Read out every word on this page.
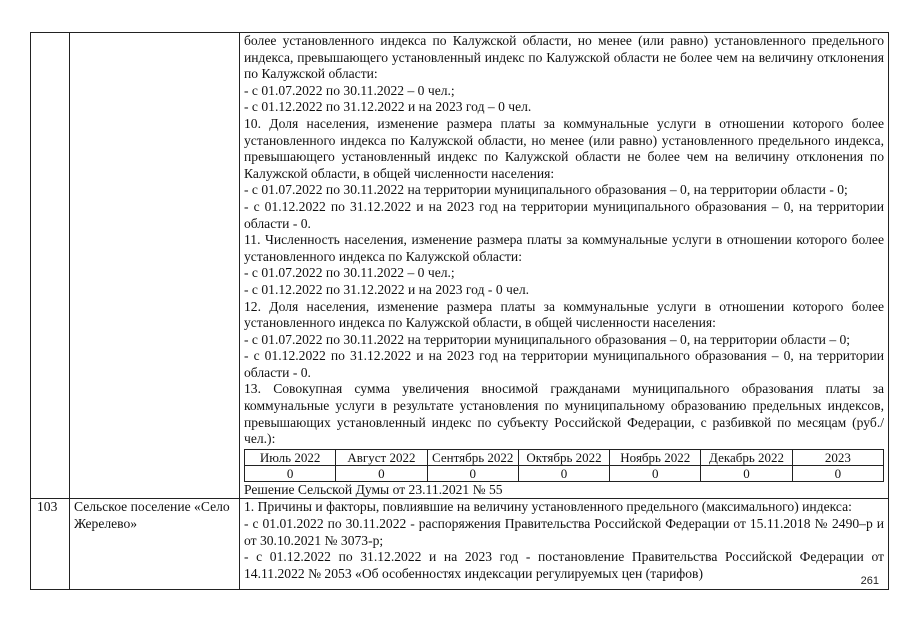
более установленного индекса по Калужской области, но менее (или равно) установленного предельного индекса, превышающего установленный индекс по Калужской области не более чем на величину отклонения по Калужской области:

- с 01.07.2022 по 30.11.2022 – 0 чел.;

- с 01.12.2022 по 31.12.2022 и на 2023 год – 0 чел.

10. Доля населения, изменение размера платы за коммунальные услуги в отношении которого более установленного индекса по Калужской области, но менее (или равно) установленного предельного индекса, превышающего установленный индекс по Калужской области не более чем на величину отклонения по Калужской области, в общей численности населения:

- с 01.07.2022 по 30.11.2022 на территории муниципального образования – 0, на территории области - 0;

- с 01.12.2022 по 31.12.2022 и на 2023 год на территории муниципального образования – 0, на территории области - 0.

11. Численность населения, изменение размера платы за коммунальные услуги в отношении которого более установленного индекса по Калужской области:

- с 01.07.2022 по 30.11.2022 – 0 чел.;

- с 01.12.2022 по 31.12.2022 и на 2023 год - 0 чел.

12. Доля населения, изменение размера платы за коммунальные услуги в отношении которого более установленного индекса по Калужской области, в общей численности населения:

- с 01.07.2022 по 30.11.2022 на территории муниципального образования – 0, на территории области – 0;

- с 01.12.2022 по 31.12.2022 и на 2023 год на территории муниципального образования – 0, на территории области - 0.

13. Совокупная сумма увеличения вносимой гражданами муниципального образования платы за коммунальные услуги в результате установления по муниципальному образованию предельных индексов, превышающих установленный индекс по субъекту Российской Федерации, с разбивкой по месяцам (руб./чел.):

Июль 2022	Август 2022	Сентябрь 2022	Октябрь 2022	Ноябрь 2022	Декабрь 2022	2023
0	0	0	0	0	0	0

Решение Сельской Думы от 23.11.2021 № 55

103	Сельское поселение «Село Жерелево»	

1. Причины и факторы, повлиявшие на величину установленного предельного (максимального) индекса:

- с 01.01.2022 по 30.11.2022 - распоряжения Правительства Российской Федерации от 15.11.2018 № 2490–р и от 30.10.2021 № 3073-р;

- с 01.12.2022 по 31.12.2022 и на 2023 год - постановление Правительства Российской Федерации от 14.11.2022 № 2053 «Об особенностях индексации регулируемых цен (тарифов)

261
